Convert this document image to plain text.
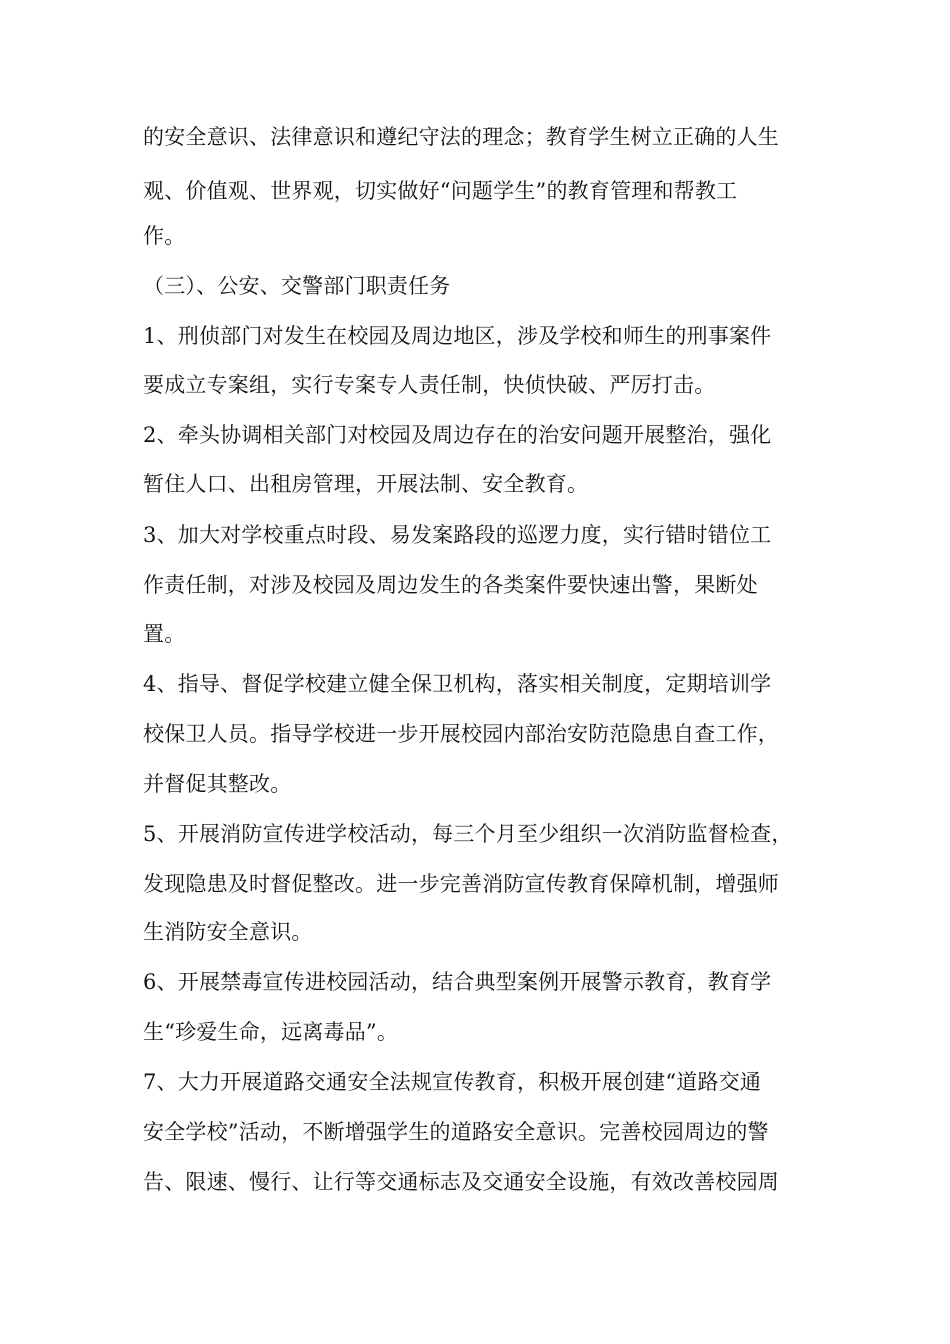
的安全意识、法律意识和遵纪守法的理念；教育学生树立正确的人生
观、价值观、世界观，切实做好“问题学生”的教育管理和帮教工
作。
（三）、公安、交警部门职责任务
1、刑侦部门对发生在校园及周边地区，涉及学校和师生的刑事案件
要成立专案组，实行专案专人责任制，快侦快破、严厉打击。
2、牵头协调相关部门对校园及周边存在的治安问题开展整治，强化
暂住人口、出租房管理，开展法制、安全教育。
3、加大对学校重点时段、易发案路段的巡逻力度，实行错时错位工
作责任制，对涉及校园及周边发生的各类案件要快速出警，果断处
置。
4、指导、督促学校建立健全保卫机构，落实相关制度，定期培训学
校保卫人员。指导学校进一步开展校园内部治安防范隐患自查工作，
并督促其整改。
5、开展消防宣传进学校活动，每三个月至少组织一次消防监督检查，
发现隐患及时督促整改。进一步完善消防宣传教育保障机制，增强师
生消防安全意识。
6、开展禁毒宣传进校园活动，结合典型案例开展警示教育，教育学
生“珍爱生命，远离毒品”。
7、大力开展道路交通安全法规宣传教育，积极开展创建“道路交通
安全学校”活动，不断增强学生的道路安全意识。完善校园周边的警
告、限速、慢行、让行等交通标志及交通安全设施，有效改善校园周
